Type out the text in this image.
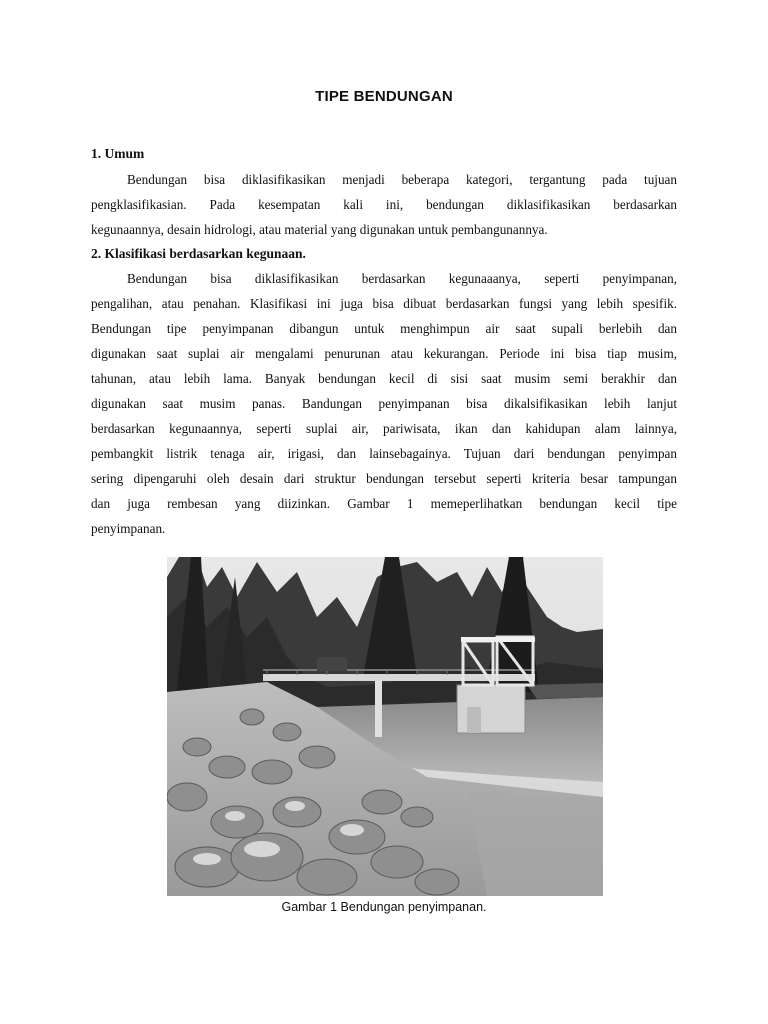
TIPE BENDUNGAN
1. Umum
Bendungan bisa diklasifikasikan menjadi beberapa kategori, tergantung pada tujuan
pengklasifikasian. Pada kesempatan kali ini, bendungan diklasifikasikan berdasarkan
kegunaannya, desain hidrologi, atau material yang digunakan untuk pembangunannya.
2. Klasifikasi berdasarkan kegunaan.
Bendungan bisa diklasifikasikan berdasarkan kegunaaanya, seperti penyimpanan,
pengalihan, atau penahan. Klasifikasi ini juga bisa dibuat berdasarkan fungsi yang lebih spesifik.
Bendungan tipe penyimpanan dibangun untuk menghimpun air saat supali berlebih dan
digunakan saat suplai air mengalami penurunan atau kekurangan. Periode ini bisa tiap musim,
tahunan, atau lebih lama. Banyak bendungan kecil di sisi saat musim semi berakhir dan
digunakan saat musim panas. Bandungan penyimpanan bisa dikalsifikasikan lebih lanjut
berdasarkan kegunaannya, seperti suplai air, pariwisata, ikan dan kahidupan alam lainnya,
pembangkit listrik tenaga air, irigasi, dan lainsebagainya. Tujuan dari bendungan penyimpan
sering dipengaruhi oleh desain dari struktur bendungan tersebut seperti kriteria besar tampungan
dan juga rembesan yang diizinkan. Gambar 1 memeperlihatkan bendungan kecil tipe
penyimpanan.
Gambar 1 Bendungan penyimpanan.
